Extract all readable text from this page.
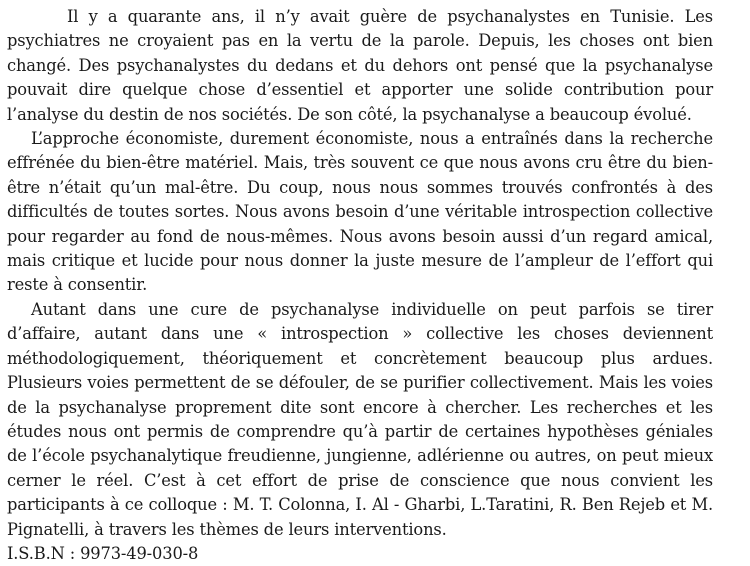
Il y a quarante ans, il n’y avait guère de psychanalystes en Tunisie. Les psychiatres ne croyaient pas en la vertu de la parole. Depuis, les choses ont bien changé. Des psychanalystes du dedans et du dehors ont pensé que la psychanalyse pouvait dire quelque chose d’essentiel et apporter une solide contribution pour l’analyse du destin de nos sociétés. De son côté, la psychanalyse a beaucoup évolué.

L’approche économiste, durement économiste, nous a entraînés dans la recherche effrénée du bien-être matériel. Mais, très souvent ce que nous avons cru être du bien-être n’était qu’un mal-être. Du coup, nous nous sommes trouvés confrontés à des difficultés de toutes sortes. Nous avons besoin d’une véritable introspection collective pour regarder au fond de nous-mêmes. Nous avons besoin aussi d’un regard amical, mais critique et lucide pour nous donner la juste mesure de l’ampleur de l’effort qui reste à consentir.

Autant dans une cure de psychanalyse individuelle on peut parfois se tirer d’affaire, autant dans une « introspection » collective les choses deviennent méthodologiquement, théoriquement et concrètement beaucoup plus ardues. Plusieurs voies permettent de se défouler, de se purifier collectivement. Mais les voies de la psychanalyse proprement dite sont encore à chercher. Les recherches et les études nous ont permis de comprendre qu’à partir de certaines hypothèses géniales de l’école psychanalytique freudienne, jungienne, adlérienne ou autres, on peut mieux cerner le réel. C’est à cet effort de prise de conscience que nous convient les participants à ce colloque : M. T. Colonna, I. Al - Gharbi, L.Taratini, R. Ben Rejeb et M. Pignatelli, à travers les thèmes de leurs interventions.

I.S.B.N : 9973-49-030-8
